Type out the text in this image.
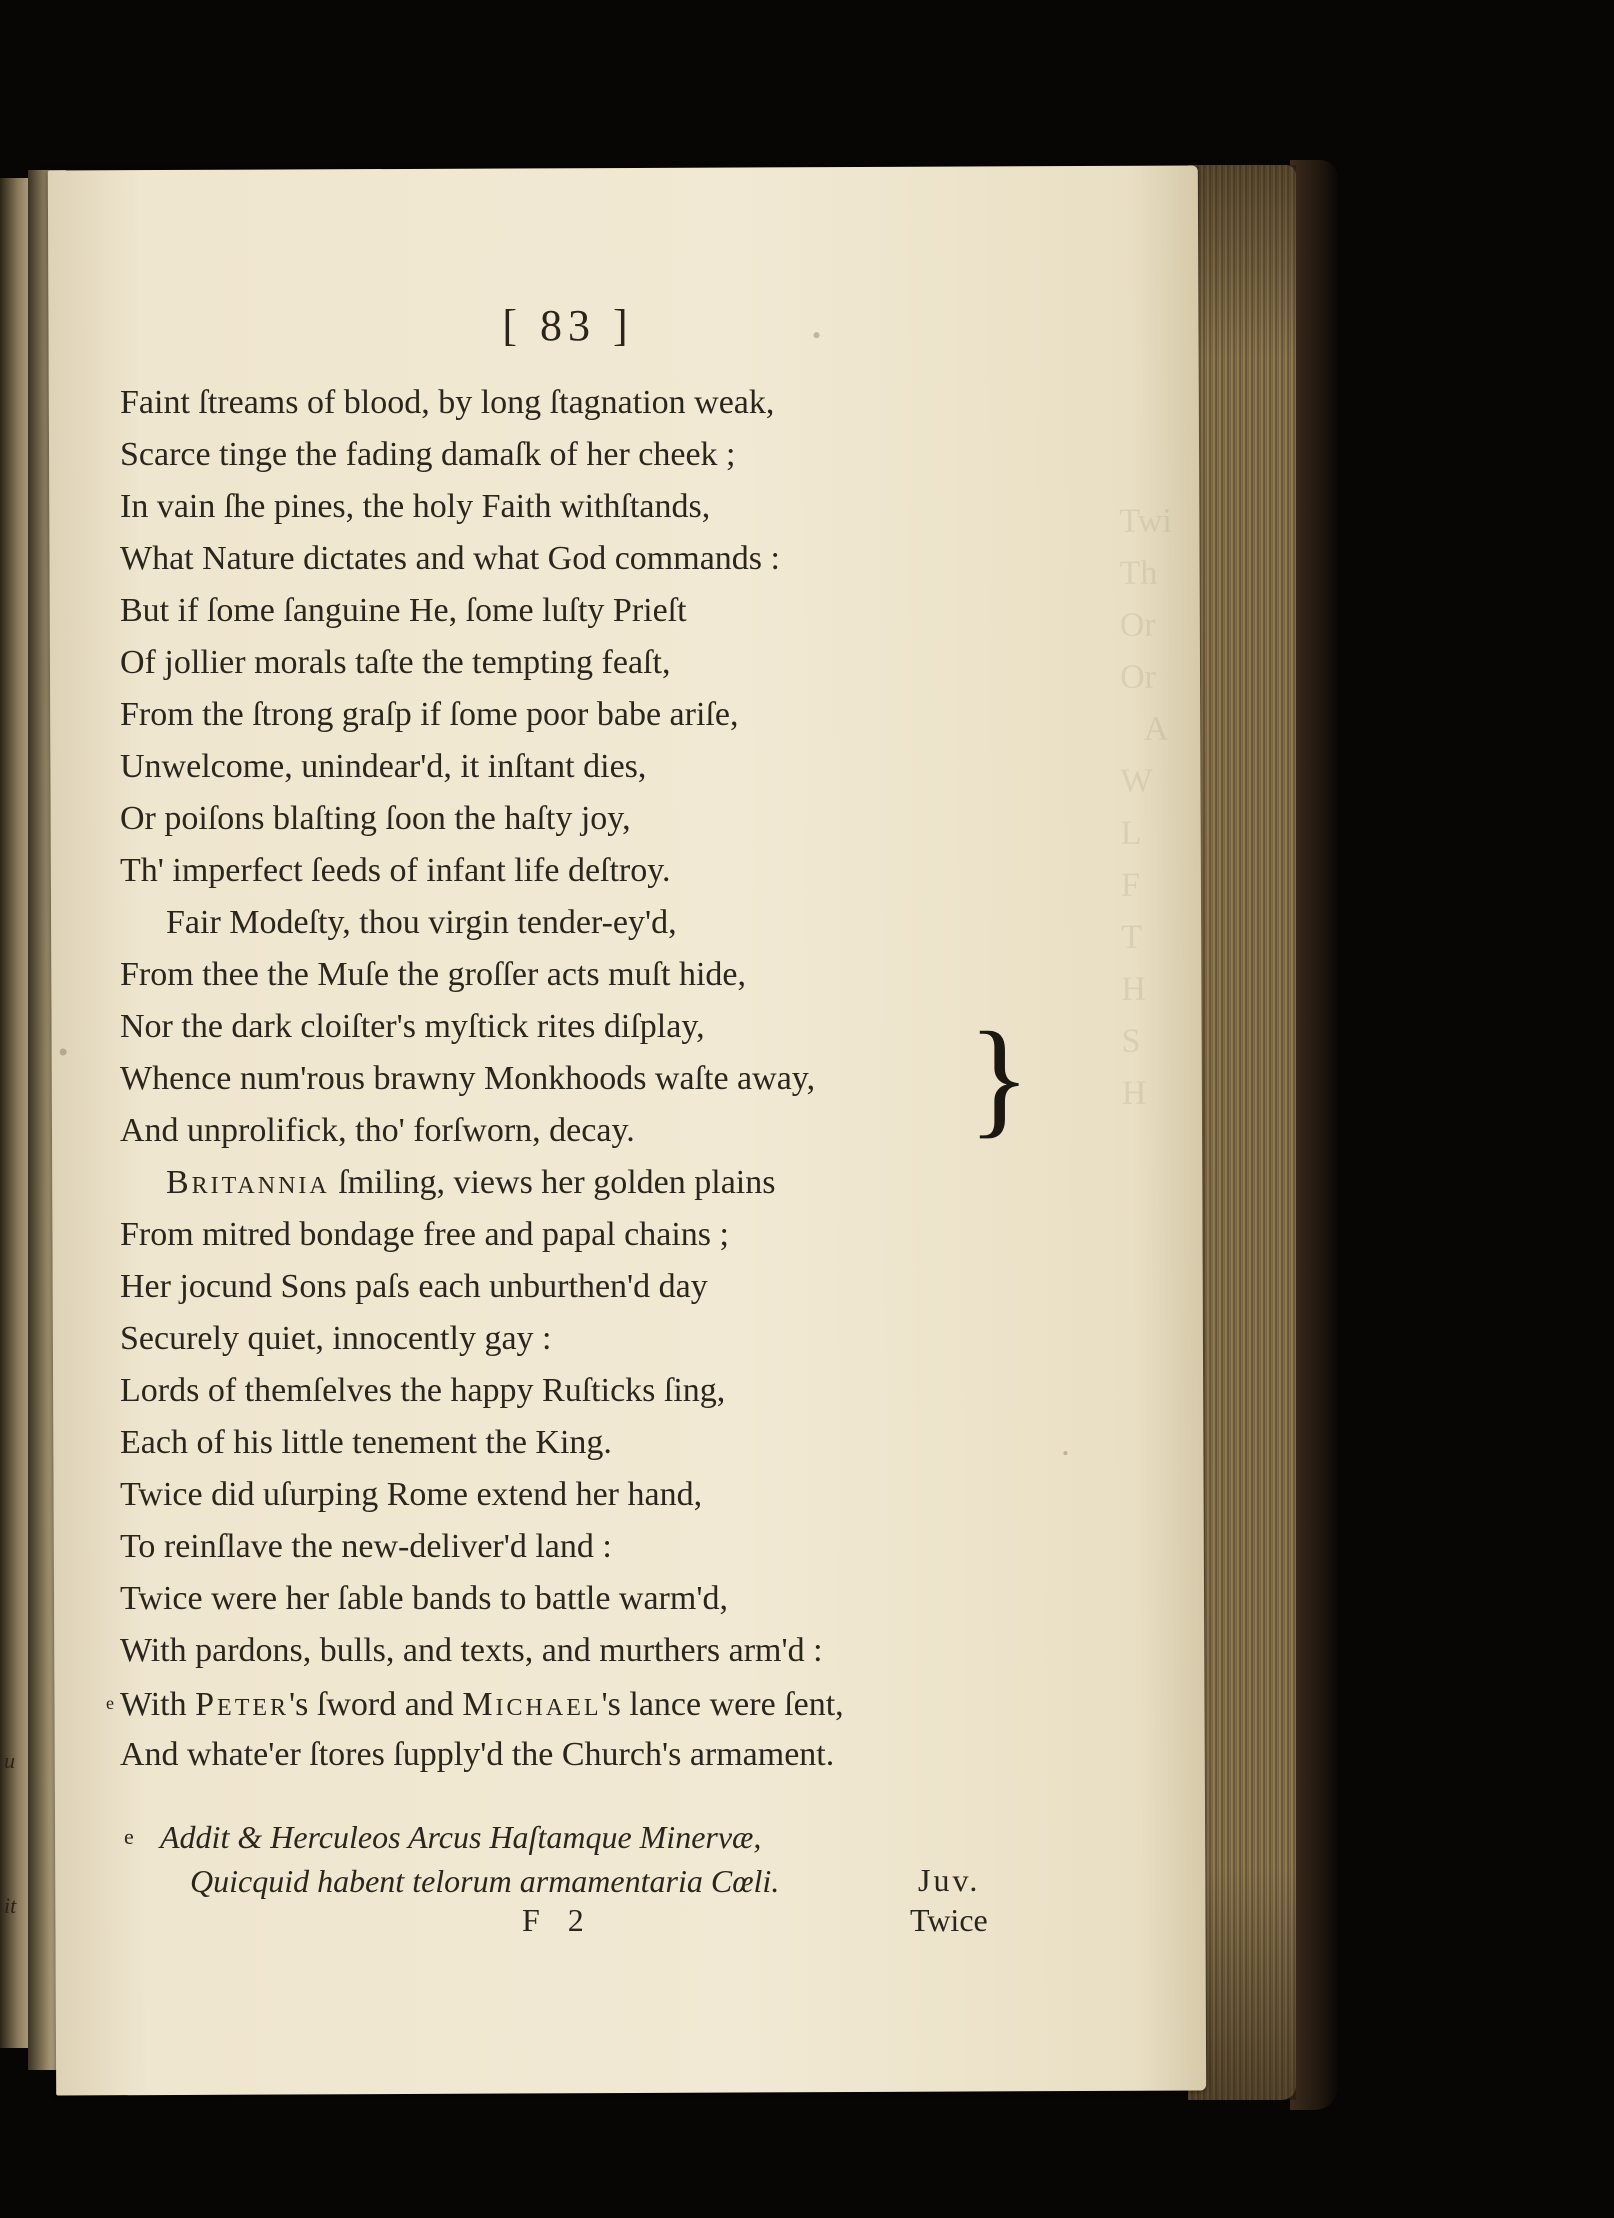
u
it
Twi
Th
Or
Or
A
W
L
F
T
H
S
H

[ 83 ]
Faint ſtreams of blood, by long ſtagnation weak,
Scarce tinge the fading damaſk of her cheek ;
In vain ſhe pines, the holy Faith withſtands,
What Nature dictates and what God commands :
But if ſome ſanguine He, ſome luſty Prieſt
Of jollier morals taſte the tempting feaſt,
From the ſtrong graſp if ſome poor babe ariſe,
Unwelcome, unindear'd, it inſtant dies,
Or poiſons blaſting ſoon the haſty joy,
Th' imperfect ſeeds of infant life deſtroy.
Fair Modeſty, thou virgin tender-ey'd,
From thee the Muſe the groſſer acts muſt hide,
Nor the dark cloiſter's myſtick rites diſplay,
Whence num'rous brawny Monkhoods waſte away,
And unprolifick, tho' forſworn, decay.
Britannia ſmiling, views her golden plains
From mitred bondage free and papal chains ;
Her jocund Sons paſs each unburthen'd day
Securely quiet, innocently gay :
Lords of themſelves the happy Ruſticks ſing,
Each of his little tenement the King.
Twice did uſurping Rome extend her hand,
To reinſlave the new-deliver'd land :
Twice were her ſable bands to battle warm'd,
With pardons, bulls, and texts, and murthers arm'd :
$^e$ With Peter's ſword and Michael's lance were ſent,
And whate'er ſtores ſupply'd the Church's armament.
}
e Addit & Herculeos Arcus Haſtamque Minervæ,
Quicquid habent telorum armamentaria Cœli.	Juv.
F 2	Twice
